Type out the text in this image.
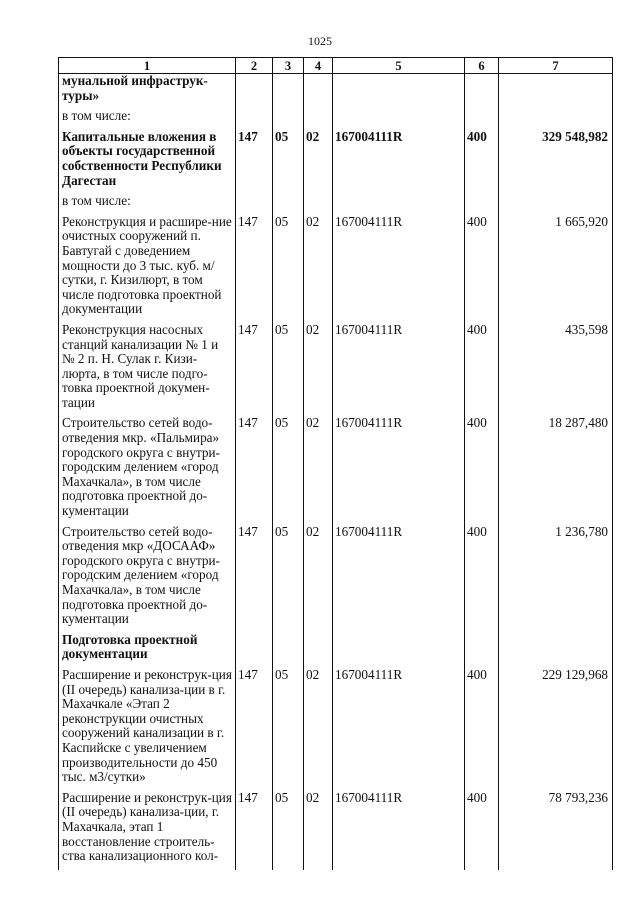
1025
1	2	3	4	5	6	7
мунальной инфраструк-туры»						
в том числе:						
Капитальные вложения в объекты государственной собственности Республики Дагестан	147	05	02	167004111R	400	329 548,982
в том числе:						
Реконструкция и расшире-ние очистных сооружений п. Бавтугай с доведением мощности до 3 тыс. куб. м/сутки, г. Кизилюрт, в том числе подготовка проектной документации	147	05	02	167004111R	400	1 665,920
Реконструкция насосных станций канализации № 1 и № 2 п. Н. Сулак г. Кизи-люрта, в том числе подго-товка проектной докумен-тации	147	05	02	167004111R	400	435,598
Строительство сетей водо-отведения мкр. «Пальмира» городского округа с внутри-городским делением «город Махачкала», в том числе подготовка проектной до-кументации	147	05	02	167004111R	400	18 287,480
Строительство сетей водо-отведения мкр «ДОСААФ» городского округа с внутри-городским делением «город Махачкала», в том числе подготовка проектной до-кументации	147	05	02	167004111R	400	1 236,780
Подготовка проектной документации						
Расширение и реконструк-ция (II очередь) канализа-ции в г. Махачкале «Этап 2 реконструкции очистных сооружений канализации в г. Каспийске с увеличением производительности до 450 тыс. м3/сутки»	147	05	02	167004111R	400	229 129,968
Расширение и реконструк-ция (II очередь) канализа-ции, г. Махачкала, этап 1 восстановление строитель-ства канализационного кол-	147	05	02	167004111R	400	78 793,236
